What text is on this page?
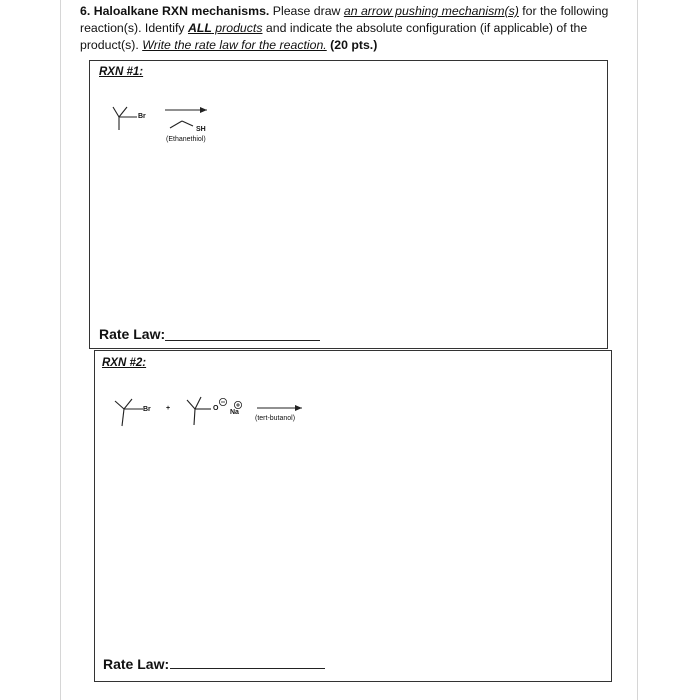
6. Haloalkane RXN mechanisms. Please draw an arrow pushing mechanism(s) for the following reaction(s). Identify ALL products and indicate the absolute configuration (if applicable) of the product(s). Write the rate law for the reaction. (20 pts.)
RXN #1:
Br
SH
(Ethanethiol)
Rate Law:
RXN #2:
Br +	O
Na
(tert-butanol)
Rate Law:
